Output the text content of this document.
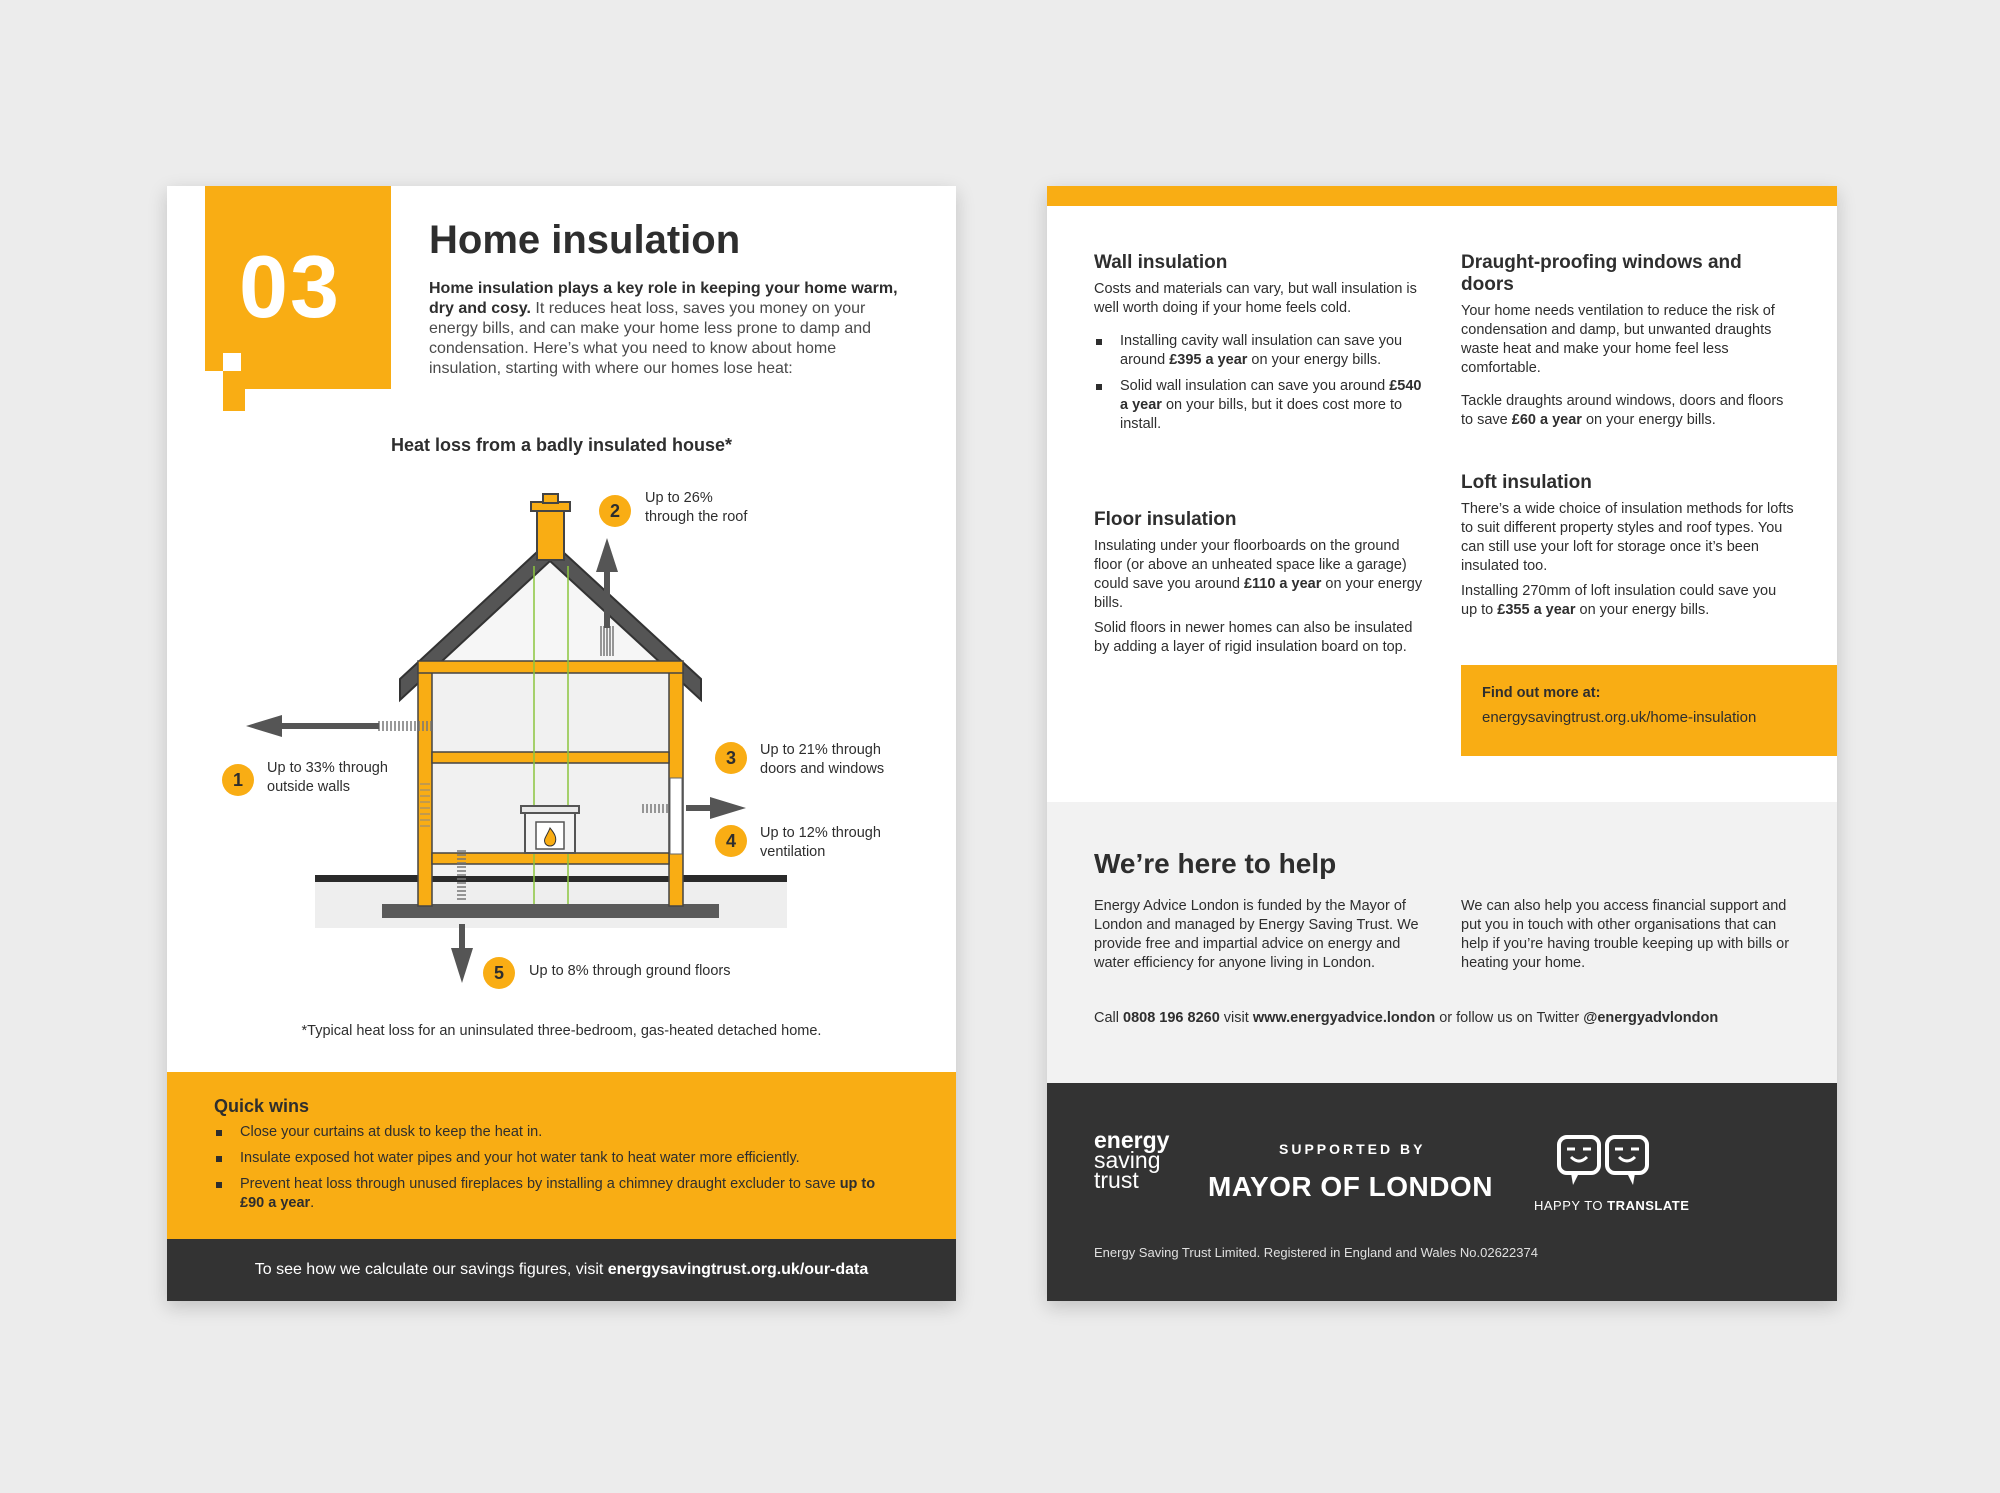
03 Home insulation

Home insulation plays a key role in keeping your home warm, dry and cosy. It reduces heat loss, saves you money on your energy bills, and can make your home less prone to damp and condensation. Here’s what you need to know about home insulation, starting with where our homes lose heat:

Heat loss from a badly insulated house*
1
Up to 33% through
outside walls
2
Up to 26%
through the roof
3	Up to 21% through
doors and windows
4	Up to 12% through
ventilation
5	Up to 8% through ground floors
*Typical heat loss for an uninsulated three-bedroom, gas-heated detached home.
Quick wins
Close your curtains at dusk to keep the heat in.
Insulate exposed hot water pipes and your hot water tank to heat water more efficiently.
Prevent heat loss through unused fireplaces by installing a chimney draught excluder to save up to £90 a year.
To see how we calculate our savings figures, visit energysavingtrust.org.uk/our-data
Wall insulation

Costs and materials can vary, but wall insulation is well worth doing if your home feels cold.

Installing cavity wall insulation can save you around £395 a year on your energy bills.
Solid wall insulation can save you around £540 a year on your bills, but it does cost more to install.
Floor insulation

Insulating under your floorboards on the ground floor (or above an unheated space like a garage) could save you around £110 a year on your energy bills.

Solid floors in newer homes can also be insulated by adding a layer of rigid insulation board on top.

Draught-proofing windows and doors

Your home needs ventilation to reduce the risk of condensation and damp, but unwanted draughts waste heat and make your home feel less comfortable.

Tackle draughts around windows, doors and floors to save £60 a year on your energy bills.

Loft insulation

There’s a wide choice of insulation methods for lofts to suit different property styles and roof types. You can still use your loft for storage once it’s been insulated too.

Installing 270mm of loft insulation could save you up to £355 a year on your energy bills.

Find out more at:
energysavingtrust.org.uk/home-insulation
We’re here to help
Energy Advice London is funded by the Mayor of London and managed by Energy Saving Trust. We provide free and impartial advice on energy and water efficiency for anyone living in London.
We can also help you access financial support and put you in touch with other organisations that can help if you’re having trouble keeping up with bills or heating your home.
Call 0808 196 8260 visit www.energyadvice.london or follow us on Twitter @energyadvlondon
energy
saving
trust
SUPPORTED BY
MAYOR OF LONDON
HAPPY TO TRANSLATE
Energy Saving Trust Limited. Registered in England and Wales No.02622374
